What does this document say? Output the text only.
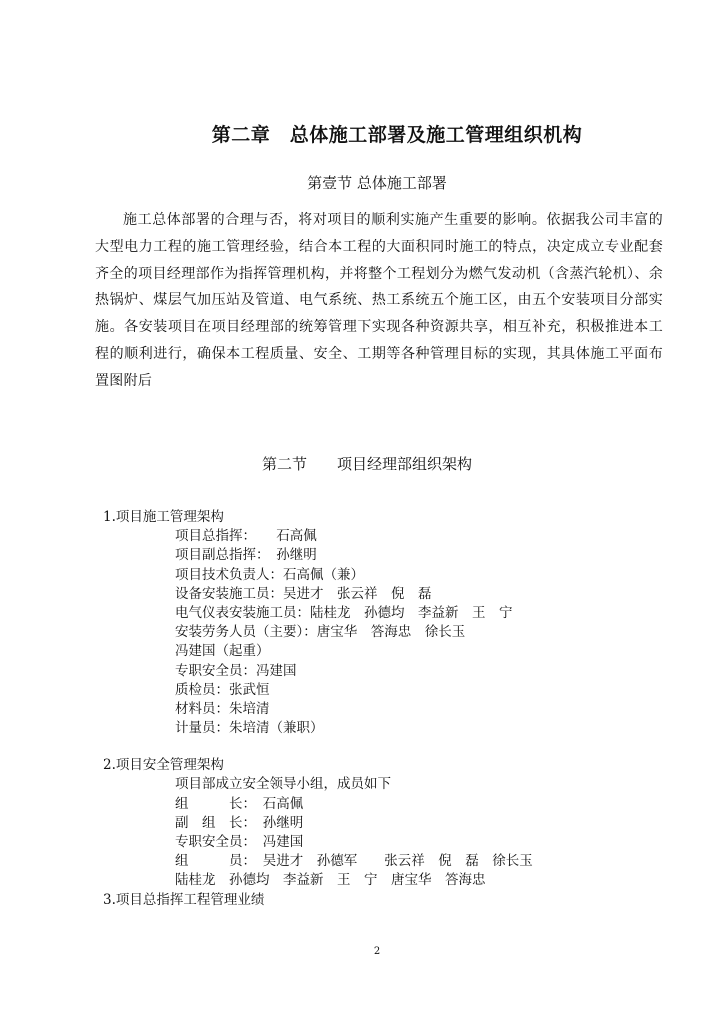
第二章　总体施工部署及施工管理组织机构
第壹节 总体施工部署
施工总体部署的合理与否，将对项目的顺利实施产生重要的影响。依据我公司丰富的大型电力工程的施工管理经验，结合本工程的大面积同时施工的特点，决定成立专业配套齐全的项目经理部作为指挥管理机构，并将整个工程划分为燃气发动机（含蒸汽轮机）、余热锅炉、煤层气加压站及管道、电气系统、热工系统五个施工区，由五个安装项目分部实施。各安装项目在项目经理部的统筹管理下实现各种资源共享，相互补充，积极推进本工程的顺利进行，确保本工程质量、安全、工期等各种管理目标的实现，其具体施工平面布置图附后
第二节　　项目经理部组织架构
1.项目施工管理架构
项目总指挥：　　石高佩
项目副总指挥：　孙继明
项目技术负责人：石高佩（兼）
设备安装施工员：吴进才　张云祥　倪　磊
电气仪表安装施工员：陆桂龙　孙德均　李益新　王　宁
安装劳务人员（主要）：唐宝华　答海忠　徐长玉
冯建国（起重）
专职安全员：冯建国
质检员：张武恒
材料员：朱培清
计量员：朱培清（兼职）
2.项目安全管理架构
项目部成立安全领导小组，成员如下
组　　　长：　石高佩
副　组　长：　孙继明
专职安全员：　冯建国
组　　　员：　吴进才　孙德军　　张云祥　倪　磊　徐长玉
陆桂龙　孙德均　李益新　王　宁　唐宝华　答海忠
3.项目总指挥工程管理业绩
2
